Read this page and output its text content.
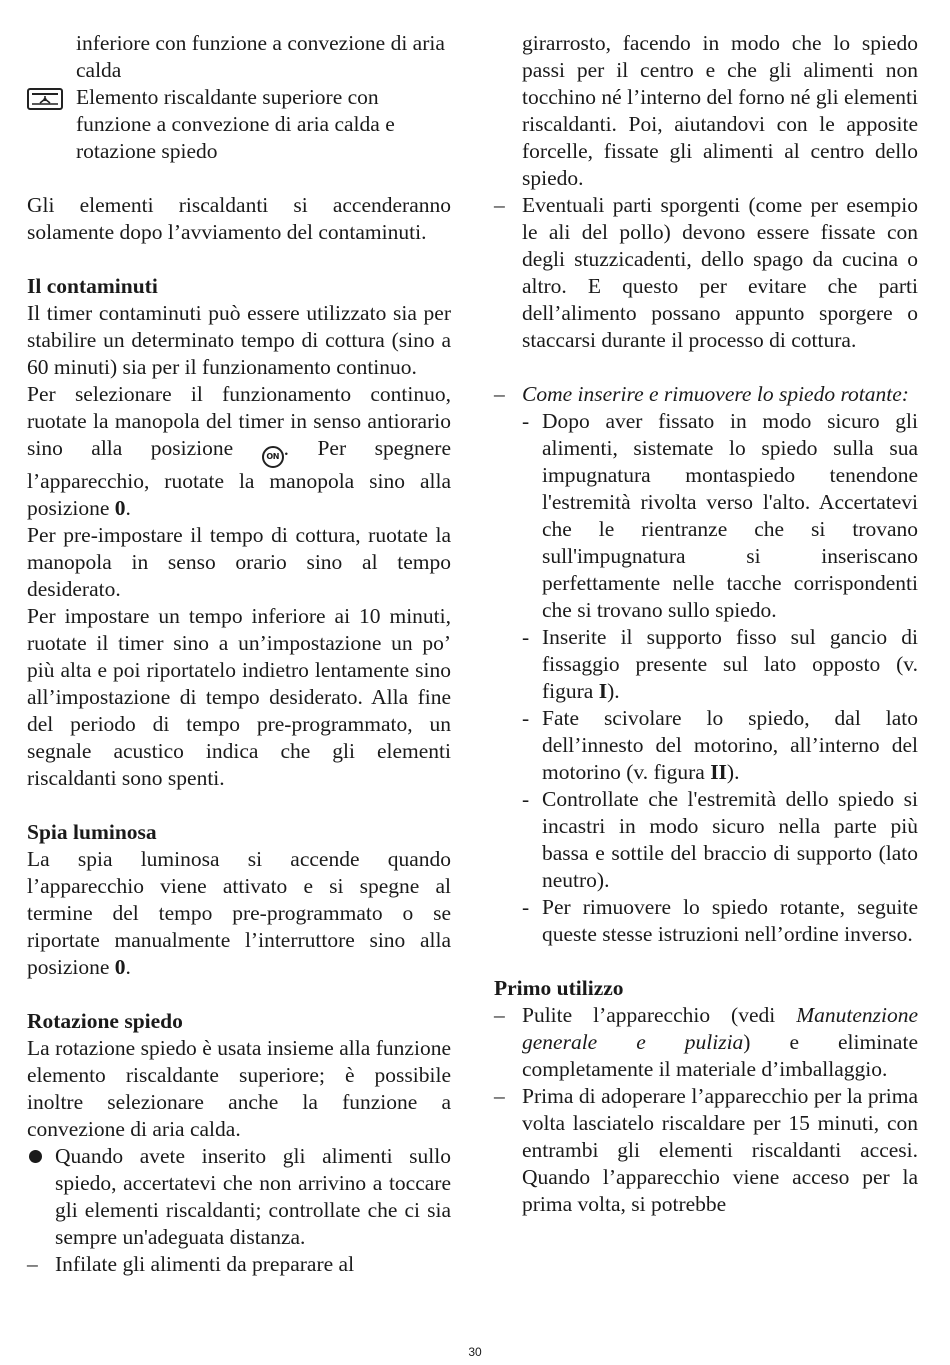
inferiore con funzione a convezione di aria calda

Elemento riscaldante superiore con funzione a convezione di aria calda e rotazione spiedo

Gli elementi riscaldanti si accenderanno solamente dopo l’avviamento del contaminuti.

Il contaminuti

Il timer contaminuti può essere utilizzato sia per stabilire un determinato tempo di cottura (sino a 60 minuti) sia per il funzionamento continuo.

Per selezionare il funzionamento continuo, ruotate la manopola del timer in senso antiorario sino alla posizione	ON . Per spegnere l’apparecchio, ruotate la manopola sino alla posizione 0.

Per pre-impostare il tempo di cottura, ruotate la manopola in senso orario sino al tempo desiderato.

Per impostare un tempo inferiore ai 10 minuti, ruotate il timer sino a un’impostazione un po’ più alta e poi riportatelo indietro lentamente sino all’impostazione di tempo desiderato. Alla fine del periodo di tempo pre-programmato, un segnale acustico indica che gli elementi riscaldanti sono spenti.

Spia luminosa

La spia luminosa si accende quando l’apparecchio viene attivato e si spegne al termine del tempo pre-programmato o se riportate manualmente l’interruttore sino alla posizione 0.

Rotazione spiedo

La rotazione spiedo è usata insieme alla funzione elemento riscaldante superiore; è possibile inoltre selezionare anche la funzione a convezione di aria calda.

Quando avete inserito gli alimenti sullo spiedo, accertatevi che non arrivino a toccare gli elementi riscaldanti; controllate che ci sia sempre un'adeguata distanza.
– Infilate gli alimenti da preparare al

girarrosto, facendo in modo che lo spiedo passi per il centro e che gli alimenti non tocchino né l’interno del forno né gli elementi riscaldanti. Poi, aiutandovi con le apposite forcelle, fissate gli alimenti al centro dello spiedo.

– Eventuali parti sporgenti (come per esempio le ali del pollo) devono essere fissate con degli stuzzicadenti, dello spago da cucina o altro. E questo per evitare che parti dell’alimento possano appunto sporgere o staccarsi durante il processo di cottura.
– Come inserire e rimuovere lo spiedo rotante:
- Dopo aver fissato in modo sicuro gli alimenti, sistemate lo spiedo sulla sua impugnatura montaspiedo tenendone l'estremità rivolta verso l'alto. Accertatevi che le rientranze che si trovano sull'impugnatura si inseriscano perfettamente nelle tacche corrispondenti che si trovano sullo spiedo.
- Inserite il supporto fisso sul gancio di fissaggio presente sul lato opposto (v. figura I).
- Fate scivolare lo spiedo, dal lato dell’innesto del motorino, all’interno del motorino (v. figura II).
- Controllate che l'estremità dello spiedo si incastri in modo sicuro nella parte più bassa e sottile del braccio di supporto (lato neutro).
- Per rimuovere lo spiedo rotante, seguite queste stesse istruzioni nell’ordine inverso.

Primo utilizzo

– Pulite l’apparecchio (vedi Manutenzione generale e pulizia) e eliminate completamente il materiale d’imballaggio.
– Prima di adoperare l’apparecchio per la prima volta lasciatelo riscaldare per 15 minuti, con entrambi gli elementi riscaldanti accesi. Quando l’apparecchio viene acceso per la prima volta, si potrebbe
30
